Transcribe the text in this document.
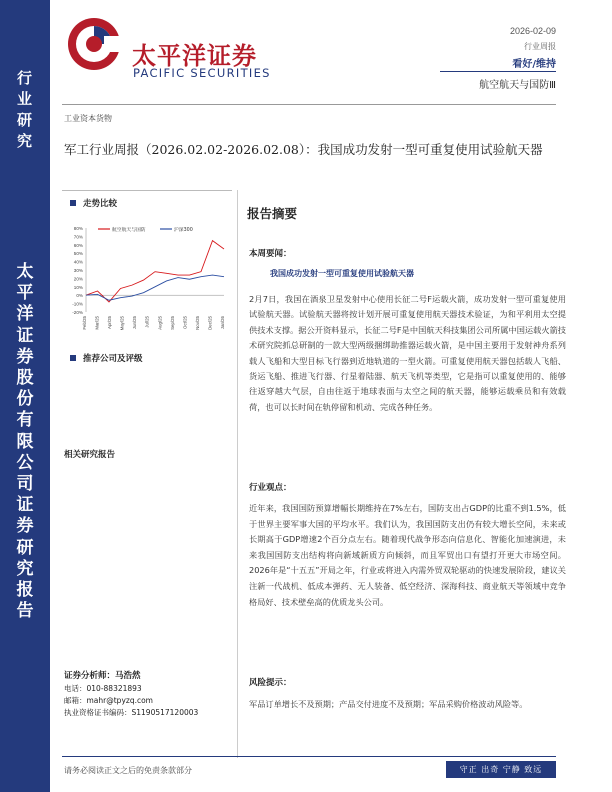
行
业
研
究
太
平
洋
证
券
股
份
有
限
公
司
证
券
研
究
报
告
太平洋证券
PACIFIC SECURITIES
2026-02-09
行业周报
看好/维持
航空航天与国防Ⅲ
工业资本货物
军工行业周报（2026.02.02-2026.02.08）：我国成功发射一型可重复使用试验航天器
走势比较
-20%
-10%
0%
10%
20%
30%
40%
50%
60%
70%
80%
Feb/25 Mar/25 Apr/25 May/25 Jun/25 Jul/25 Aug/25 Sep/25 Oct/25 Nov/25 Dec/25 Jan/26
航空航天与国防	沪深300
推荐公司及评级
相关研究报告
证券分析师：马浩然
电话：010-88321893
邮箱：mahr@tpyzq.com
执业资格证书编码：S1190517120003
报告摘要
本周要闻：
我国成功发射一型可重复使用试验航天器
2月7日，我国在酒泉卫星发射中心使用长征二号F运载火箭，成功发射一型可重复使用试验航天器。试验航天器将按计划开展可重复使用航天器技术验证，为和平利用太空提供技术支撑。据公开资料显示，长征二号F是中国航天科技集团公司所属中国运载火箭技术研究院抓总研制的一款大型两级捆绑助推器运载火箭，是中国主要用于发射神舟系列载人飞船和大型目标飞行器到近地轨道的一型火箭。可重复使用航天器包括载人飞船、货运飞船、推进飞行器、行星着陆器、航天飞机等类型，它是指可以重复使用的、能够往返穿越大气层，自由往返于地球表面与太空之间的航天器，能够运载乘员和有效载荷，也可以长时间在轨停留和机动、完成各种任务。
行业观点：
近年来，我国国防预算增幅长期维持在7%左右，国防支出占GDP的比重不到1.5%，低于世界主要军事大国的平均水平。我们认为，我国国防支出仍有较大增长空间，未来或长期高于GDP增速2个百分点左右。随着现代战争形态向信息化、智能化加速演进，未来我国国防支出结构将向新域新质方向倾斜，而且军贸出口有望打开更大市场空间。2026年是“十五五”开局之年，行业或将进入内需外贸双轮驱动的快速发展阶段，建议关注新一代战机、低成本弹药、无人装备、低空经济、深海科技、商业航天等领域中竞争格局好、技术壁垒高的优质龙头公司。
风险提示：
军品订单增长不及预期；产品交付进度不及预期；军品采购价格波动风险等。
请务必阅读正文之后的免责条款部分	守正 出奇 宁静 致远
